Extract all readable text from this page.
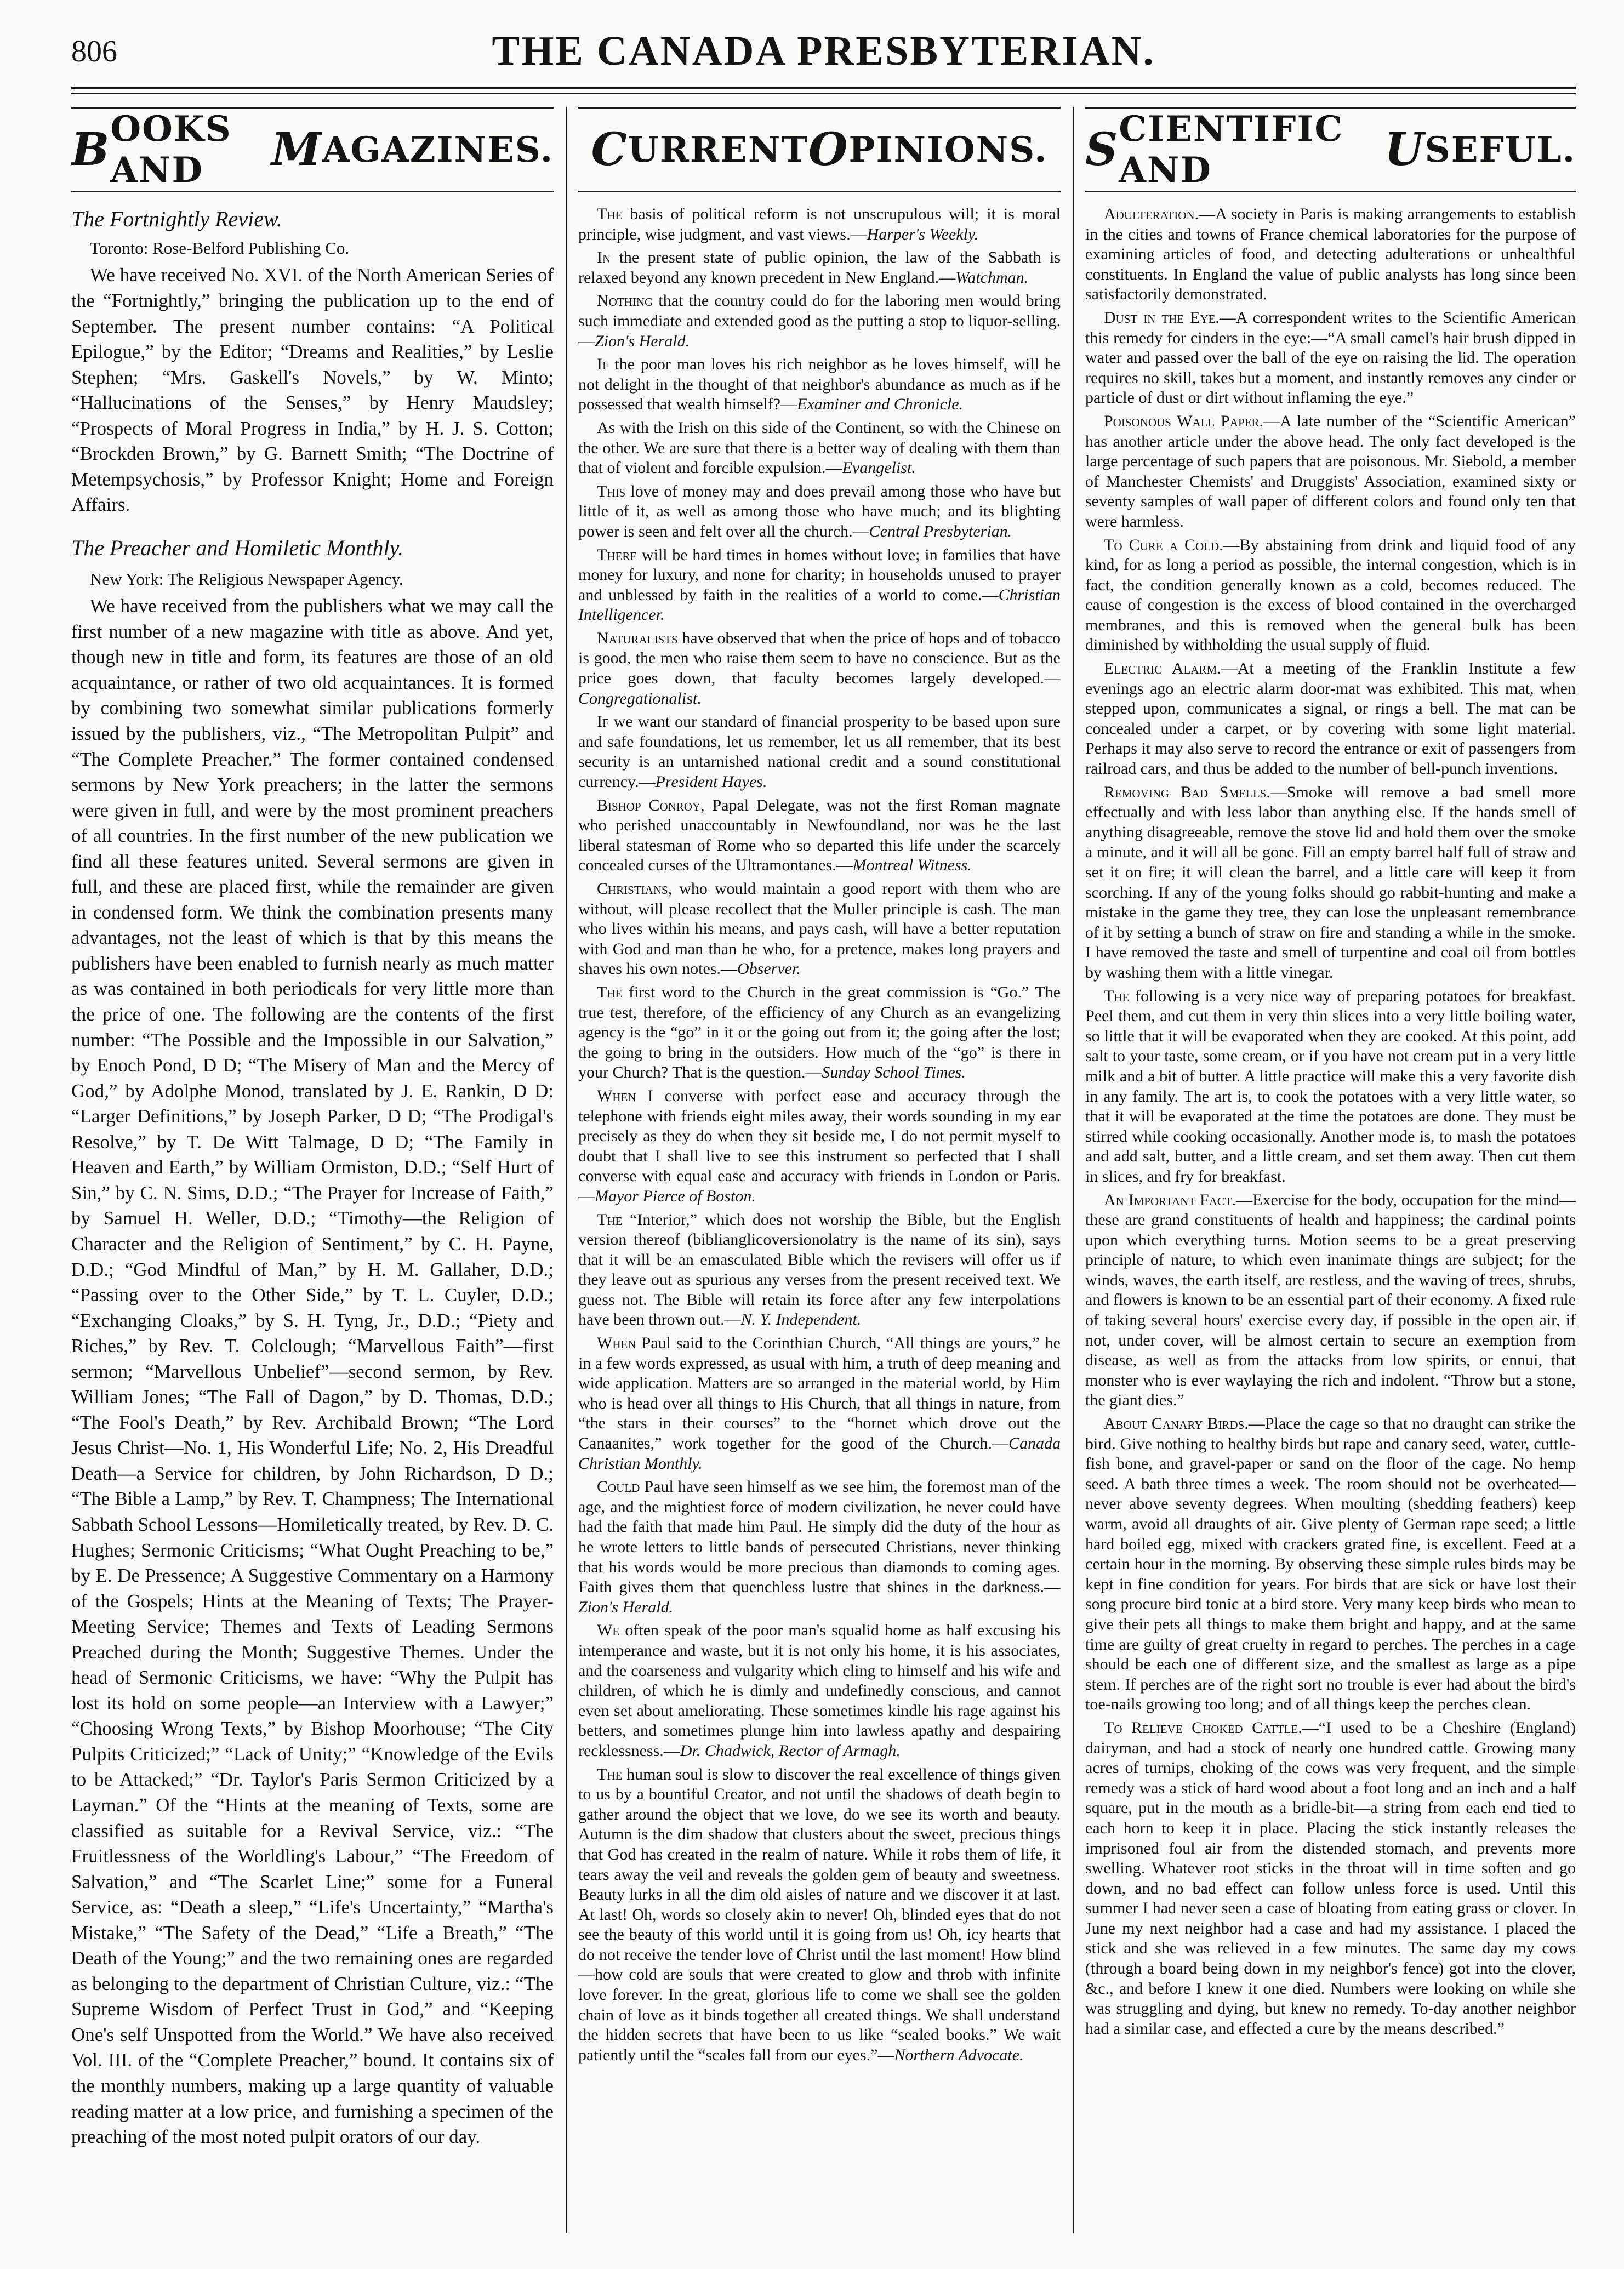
806	THE CANADA PRESBYTERIAN.
B OOKS AND	M AGAZINES.
The Fortnightly Review.
Toronto: Rose-Belford Publishing Co.

We have received No. XVI. of the North American Series of the “Fortnightly,” bringing the publication up to the end of September. The present number contains: “A Political Epilogue,” by the Editor; “Dreams and Realities,” by Leslie Stephen; “Mrs. Gaskell's Novels,” by W. Minto; “Hallucinations of the Senses,” by Henry Maudsley; “Prospects of Moral Progress in India,” by H. J. S. Cotton; “Brockden Brown,” by G. Barnett Smith; “The Doctrine of Metempsychosis,” by Professor Knight; Home and Foreign Affairs.

The Preacher and Homiletic Monthly.
New York: The Religious Newspaper Agency.

We have received from the publishers what we may call the first number of a new magazine with title as above. And yet, though new in title and form, its features are those of an old acquaintance, or rather of two old acquaintances. It is formed by combining two somewhat similar publications formerly issued by the publishers, viz., “The Metropolitan Pulpit” and “The Complete Preacher.” The former contained condensed sermons by New York preachers; in the latter the sermons were given in full, and were by the most prominent preachers of all countries. In the first number of the new publication we find all these features united. Several sermons are given in full, and these are placed first, while the remainder are given in condensed form. We think the combination presents many advantages, not the least of which is that by this means the publishers have been enabled to furnish nearly as much matter as was contained in both periodicals for very little more than the price of one. The following are the contents of the first number: “The Possible and the Impossible in our Salvation,” by Enoch Pond, D D; “The Misery of Man and the Mercy of God,” by Adolphe Monod, translated by J. E. Rankin, D D: “Larger Definitions,” by Joseph Parker, D D; “The Prodigal's Resolve,” by T. De Witt Talmage, D D; “The Family in Heaven and Earth,” by William Ormiston, D.D.; “Self Hurt of Sin,” by C. N. Sims, D.D.; “The Prayer for Increase of Faith,” by Samuel H. Weller, D.D.; “Timothy—the Religion of Character and the Religion of Sentiment,” by C. H. Payne, D.D.; “God Mindful of Man,” by H. M. Gallaher, D.D.; “Passing over to the Other Side,” by T. L. Cuyler, D.D.; “Exchanging Cloaks,” by S. H. Tyng, Jr., D.D.; “Piety and Riches,” by Rev. T. Colclough; “Marvellous Faith”—first sermon; “Marvellous Unbelief”—second sermon, by Rev. William Jones; “The Fall of Dagon,” by D. Thomas, D.D.; “The Fool's Death,” by Rev. Archibald Brown; “The Lord Jesus Christ—No. 1, His Wonderful Life; No. 2, His Dreadful Death—a Service for children, by John Richardson, D D.; “The Bible a Lamp,” by Rev. T. Champness; The International Sabbath School Lessons—Homiletically treated, by Rev. D. C. Hughes; Sermonic Criticisms; “What Ought Preaching to be,” by E. De Pressence; A Suggestive Commentary on a Harmony of the Gospels; Hints at the Meaning of Texts; The Prayer-Meeting Service; Themes and Texts of Leading Sermons Preached during the Month; Suggestive Themes. Under the head of Sermonic Criticisms, we have: “Why the Pulpit has lost its hold on some people—an Interview with a Lawyer;” “Choosing Wrong Texts,” by Bishop Moorhouse; “The City Pulpits Criticized;” “Lack of Unity;” “Knowledge of the Evils to be Attacked;” “Dr. Taylor's Paris Sermon Criticized by a Layman.” Of the “Hints at the meaning of Texts, some are classified as suitable for a Revival Service, viz.: “The Fruitlessness of the Worldling's Labour,” “The Freedom of Salvation,” and “The Scarlet Line;” some for a Funeral Service, as: “Death a sleep,” “Life's Uncertainty,” “Martha's Mistake,” “The Safety of the Dead,” “Life a Breath,” “The Death of the Young;” and the two remaining ones are regarded as belonging to the department of Christian Culture, viz.: “The Supreme Wisdom of Perfect Trust in God,” and “Keeping One's self Unspotted from the World.” We have also received Vol. III. of the “Complete Preacher,” bound. It contains six of the monthly numbers, making up a large quantity of valuable reading matter at a low price, and furnishing a specimen of the preaching of the most noted pulpit orators of our day.

C URRENT O PINIONS.

The basis of political reform is not unscrupulous will; it is moral principle, wise judgment, and vast views.—Harper's Weekly.

In the present state of public opinion, the law of the Sabbath is relaxed beyond any known precedent in New England.—Watchman.

Nothing that the country could do for the laboring men would bring such immediate and extended good as the putting a stop to liquor-selling.—Zion's Herald.

If the poor man loves his rich neighbor as he loves himself, will he not delight in the thought of that neighbor's abundance as much as if he possessed that wealth himself?—Examiner and Chronicle.

As with the Irish on this side of the Continent, so with the Chinese on the other. We are sure that there is a better way of dealing with them than that of violent and forcible expulsion.—Evangelist.

This love of money may and does prevail among those who have but little of it, as well as among those who have much; and its blighting power is seen and felt over all the church.—Central Presbyterian.

There will be hard times in homes without love; in families that have money for luxury, and none for charity; in households unused to prayer and unblessed by faith in the realities of a world to come.—Christian Intelligencer.

Naturalists have observed that when the price of hops and of tobacco is good, the men who raise them seem to have no conscience. But as the price goes down, that faculty becomes largely developed.—Congregationalist.

If we want our standard of financial prosperity to be based upon sure and safe foundations, let us remember, let us all remember, that its best security is an untarnished national credit and a sound constitutional currency.—President Hayes.

Bishop Conroy, Papal Delegate, was not the first Roman magnate who perished unaccountably in Newfoundland, nor was he the last liberal statesman of Rome who so departed this life under the scarcely concealed curses of the Ultramontanes.—Montreal Witness.

Christians, who would maintain a good report with them who are without, will please recollect that the Muller principle is cash. The man who lives within his means, and pays cash, will have a better reputation with God and man than he who, for a pretence, makes long prayers and shaves his own notes.—Observer.

The first word to the Church in the great commission is “Go.” The true test, therefore, of the efficiency of any Church as an evangelizing agency is the “go” in it or the going out from it; the going after the lost; the going to bring in the outsiders. How much of the “go” is there in your Church? That is the question.—Sunday School Times.

When I converse with perfect ease and accuracy through the telephone with friends eight miles away, their words sounding in my ear precisely as they do when they sit beside me, I do not permit myself to doubt that I shall live to see this instrument so perfected that I shall converse with equal ease and accuracy with friends in London or Paris.—Mayor Pierce of Boston.

The “Interior,” which does not worship the Bible, but the English version thereof (biblianglicoversionolatry is the name of its sin), says that it will be an emasculated Bible which the revisers will offer us if they leave out as spurious any verses from the present received text. We guess not. The Bible will retain its force after any few interpolations have been thrown out.—N. Y. Independent.

When Paul said to the Corinthian Church, “All things are yours,” he in a few words expressed, as usual with him, a truth of deep meaning and wide application. Matters are so arranged in the material world, by Him who is head over all things to His Church, that all things in nature, from “the stars in their courses” to the “hornet which drove out the Canaanites,” work together for the good of the Church.—Canada Christian Monthly.

Could Paul have seen himself as we see him, the foremost man of the age, and the mightiest force of modern civilization, he never could have had the faith that made him Paul. He simply did the duty of the hour as he wrote letters to little bands of persecuted Christians, never thinking that his words would be more precious than diamonds to coming ages. Faith gives them that quenchless lustre that shines in the darkness.—Zion's Herald.

We often speak of the poor man's squalid home as half excusing his intemperance and waste, but it is not only his home, it is his associates, and the coarseness and vulgarity which cling to himself and his wife and children, of which he is dimly and undefinedly conscious, and cannot even set about ameliorating. These sometimes kindle his rage against his betters, and sometimes plunge him into lawless apathy and despairing recklessness.—Dr. Chadwick, Rector of Armagh.

The human soul is slow to discover the real excellence of things given to us by a bountiful Creator, and not until the shadows of death begin to gather around the object that we love, do we see its worth and beauty. Autumn is the dim shadow that clusters about the sweet, precious things that God has created in the realm of nature. While it robs them of life, it tears away the veil and reveals the golden gem of beauty and sweetness. Beauty lurks in all the dim old aisles of nature and we discover it at last. At last! Oh, words so closely akin to never! Oh, blinded eyes that do not see the beauty of this world until it is going from us! Oh, icy hearts that do not receive the tender love of Christ until the last moment! How blind—how cold are souls that were created to glow and throb with infinite love forever. In the great, glorious life to come we shall see the golden chain of love as it binds together all created things. We shall understand the hidden secrets that have been to us like “sealed books.” We wait patiently until the “scales fall from our eyes.”—Northern Advocate.

S CIENTIFIC AND	U SEFUL.

Adulteration.—A society in Paris is making arrangements to establish in the cities and towns of France chemical laboratories for the purpose of examining articles of food, and detecting adulterations or unhealthful constituents. In England the value of public analysts has long since been satisfactorily demonstrated.

Dust in the Eye.—A correspondent writes to the Scientific American this remedy for cinders in the eye:—“A small camel's hair brush dipped in water and passed over the ball of the eye on raising the lid. The operation requires no skill, takes but a moment, and instantly removes any cinder or particle of dust or dirt without inflaming the eye.”

Poisonous Wall Paper.—A late number of the “Scientific American” has another article under the above head. The only fact developed is the large percentage of such papers that are poisonous. Mr. Siebold, a member of Manchester Chemists' and Druggists' Association, examined sixty or seventy samples of wall paper of different colors and found only ten that were harmless.

To Cure a Cold.—By abstaining from drink and liquid food of any kind, for as long a period as possible, the internal congestion, which is in fact, the condition generally known as a cold, becomes reduced. The cause of congestion is the excess of blood contained in the overcharged membranes, and this is removed when the general bulk has been diminished by withholding the usual supply of fluid.

Electric Alarm.—At a meeting of the Franklin Institute a few evenings ago an electric alarm door-mat was exhibited. This mat, when stepped upon, communicates a signal, or rings a bell. The mat can be concealed under a carpet, or by covering with some light material. Perhaps it may also serve to record the entrance or exit of passengers from railroad cars, and thus be added to the number of bell-punch inventions.

Removing Bad Smells.—Smoke will remove a bad smell more effectually and with less labor than anything else. If the hands smell of anything disagreeable, remove the stove lid and hold them over the smoke a minute, and it will all be gone. Fill an empty barrel half full of straw and set it on fire; it will clean the barrel, and a little care will keep it from scorching. If any of the young folks should go rabbit-hunting and make a mistake in the game they tree, they can lose the unpleasant remembrance of it by setting a bunch of straw on fire and standing a while in the smoke. I have removed the taste and smell of turpentine and coal oil from bottles by washing them with a little vinegar.

The following is a very nice way of preparing potatoes for breakfast. Peel them, and cut them in very thin slices into a very little boiling water, so little that it will be evaporated when they are cooked. At this point, add salt to your taste, some cream, or if you have not cream put in a very little milk and a bit of butter. A little practice will make this a very favorite dish in any family. The art is, to cook the potatoes with a very little water, so that it will be evaporated at the time the potatoes are done. They must be stirred while cooking occasionally. Another mode is, to mash the potatoes and add salt, butter, and a little cream, and set them away. Then cut them in slices, and fry for breakfast.

An Important Fact.—Exercise for the body, occupation for the mind—these are grand constituents of health and happiness; the cardinal points upon which everything turns. Motion seems to be a great preserving principle of nature, to which even inanimate things are subject; for the winds, waves, the earth itself, are restless, and the waving of trees, shrubs, and flowers is known to be an essential part of their economy. A fixed rule of taking several hours' exercise every day, if possible in the open air, if not, under cover, will be almost certain to secure an exemption from disease, as well as from the attacks from low spirits, or ennui, that monster who is ever waylaying the rich and indolent. “Throw but a stone, the giant dies.”

About Canary Birds.—Place the cage so that no draught can strike the bird. Give nothing to healthy birds but rape and canary seed, water, cuttle-fish bone, and gravel-paper or sand on the floor of the cage. No hemp seed. A bath three times a week. The room should not be overheated—never above seventy degrees. When moulting (shedding feathers) keep warm, avoid all draughts of air. Give plenty of German rape seed; a little hard boiled egg, mixed with crackers grated fine, is excellent. Feed at a certain hour in the morning. By observing these simple rules birds may be kept in fine condition for years. For birds that are sick or have lost their song procure bird tonic at a bird store. Very many keep birds who mean to give their pets all things to make them bright and happy, and at the same time are guilty of great cruelty in regard to perches. The perches in a cage should be each one of different size, and the smallest as large as a pipe stem. If perches are of the right sort no trouble is ever had about the bird's toe-nails growing too long; and of all things keep the perches clean.

To Relieve Choked Cattle.—“I used to be a Cheshire (England) dairyman, and had a stock of nearly one hundred cattle. Growing many acres of turnips, choking of the cows was very frequent, and the simple remedy was a stick of hard wood about a foot long and an inch and a half square, put in the mouth as a bridle-bit—a string from each end tied to each horn to keep it in place. Placing the stick instantly releases the imprisoned foul air from the distended stomach, and prevents more swelling. Whatever root sticks in the throat will in time soften and go down, and no bad effect can follow unless force is used. Until this summer I had never seen a case of bloating from eating grass or clover. In June my next neighbor had a case and had my assistance. I placed the stick and she was relieved in a few minutes. The same day my cows (through a board being down in my neighbor's fence) got into the clover, &c., and before I knew it one died. Numbers were looking on while she was struggling and dying, but knew no remedy. To-day another neighbor had a similar case, and effected a cure by the means described.”
